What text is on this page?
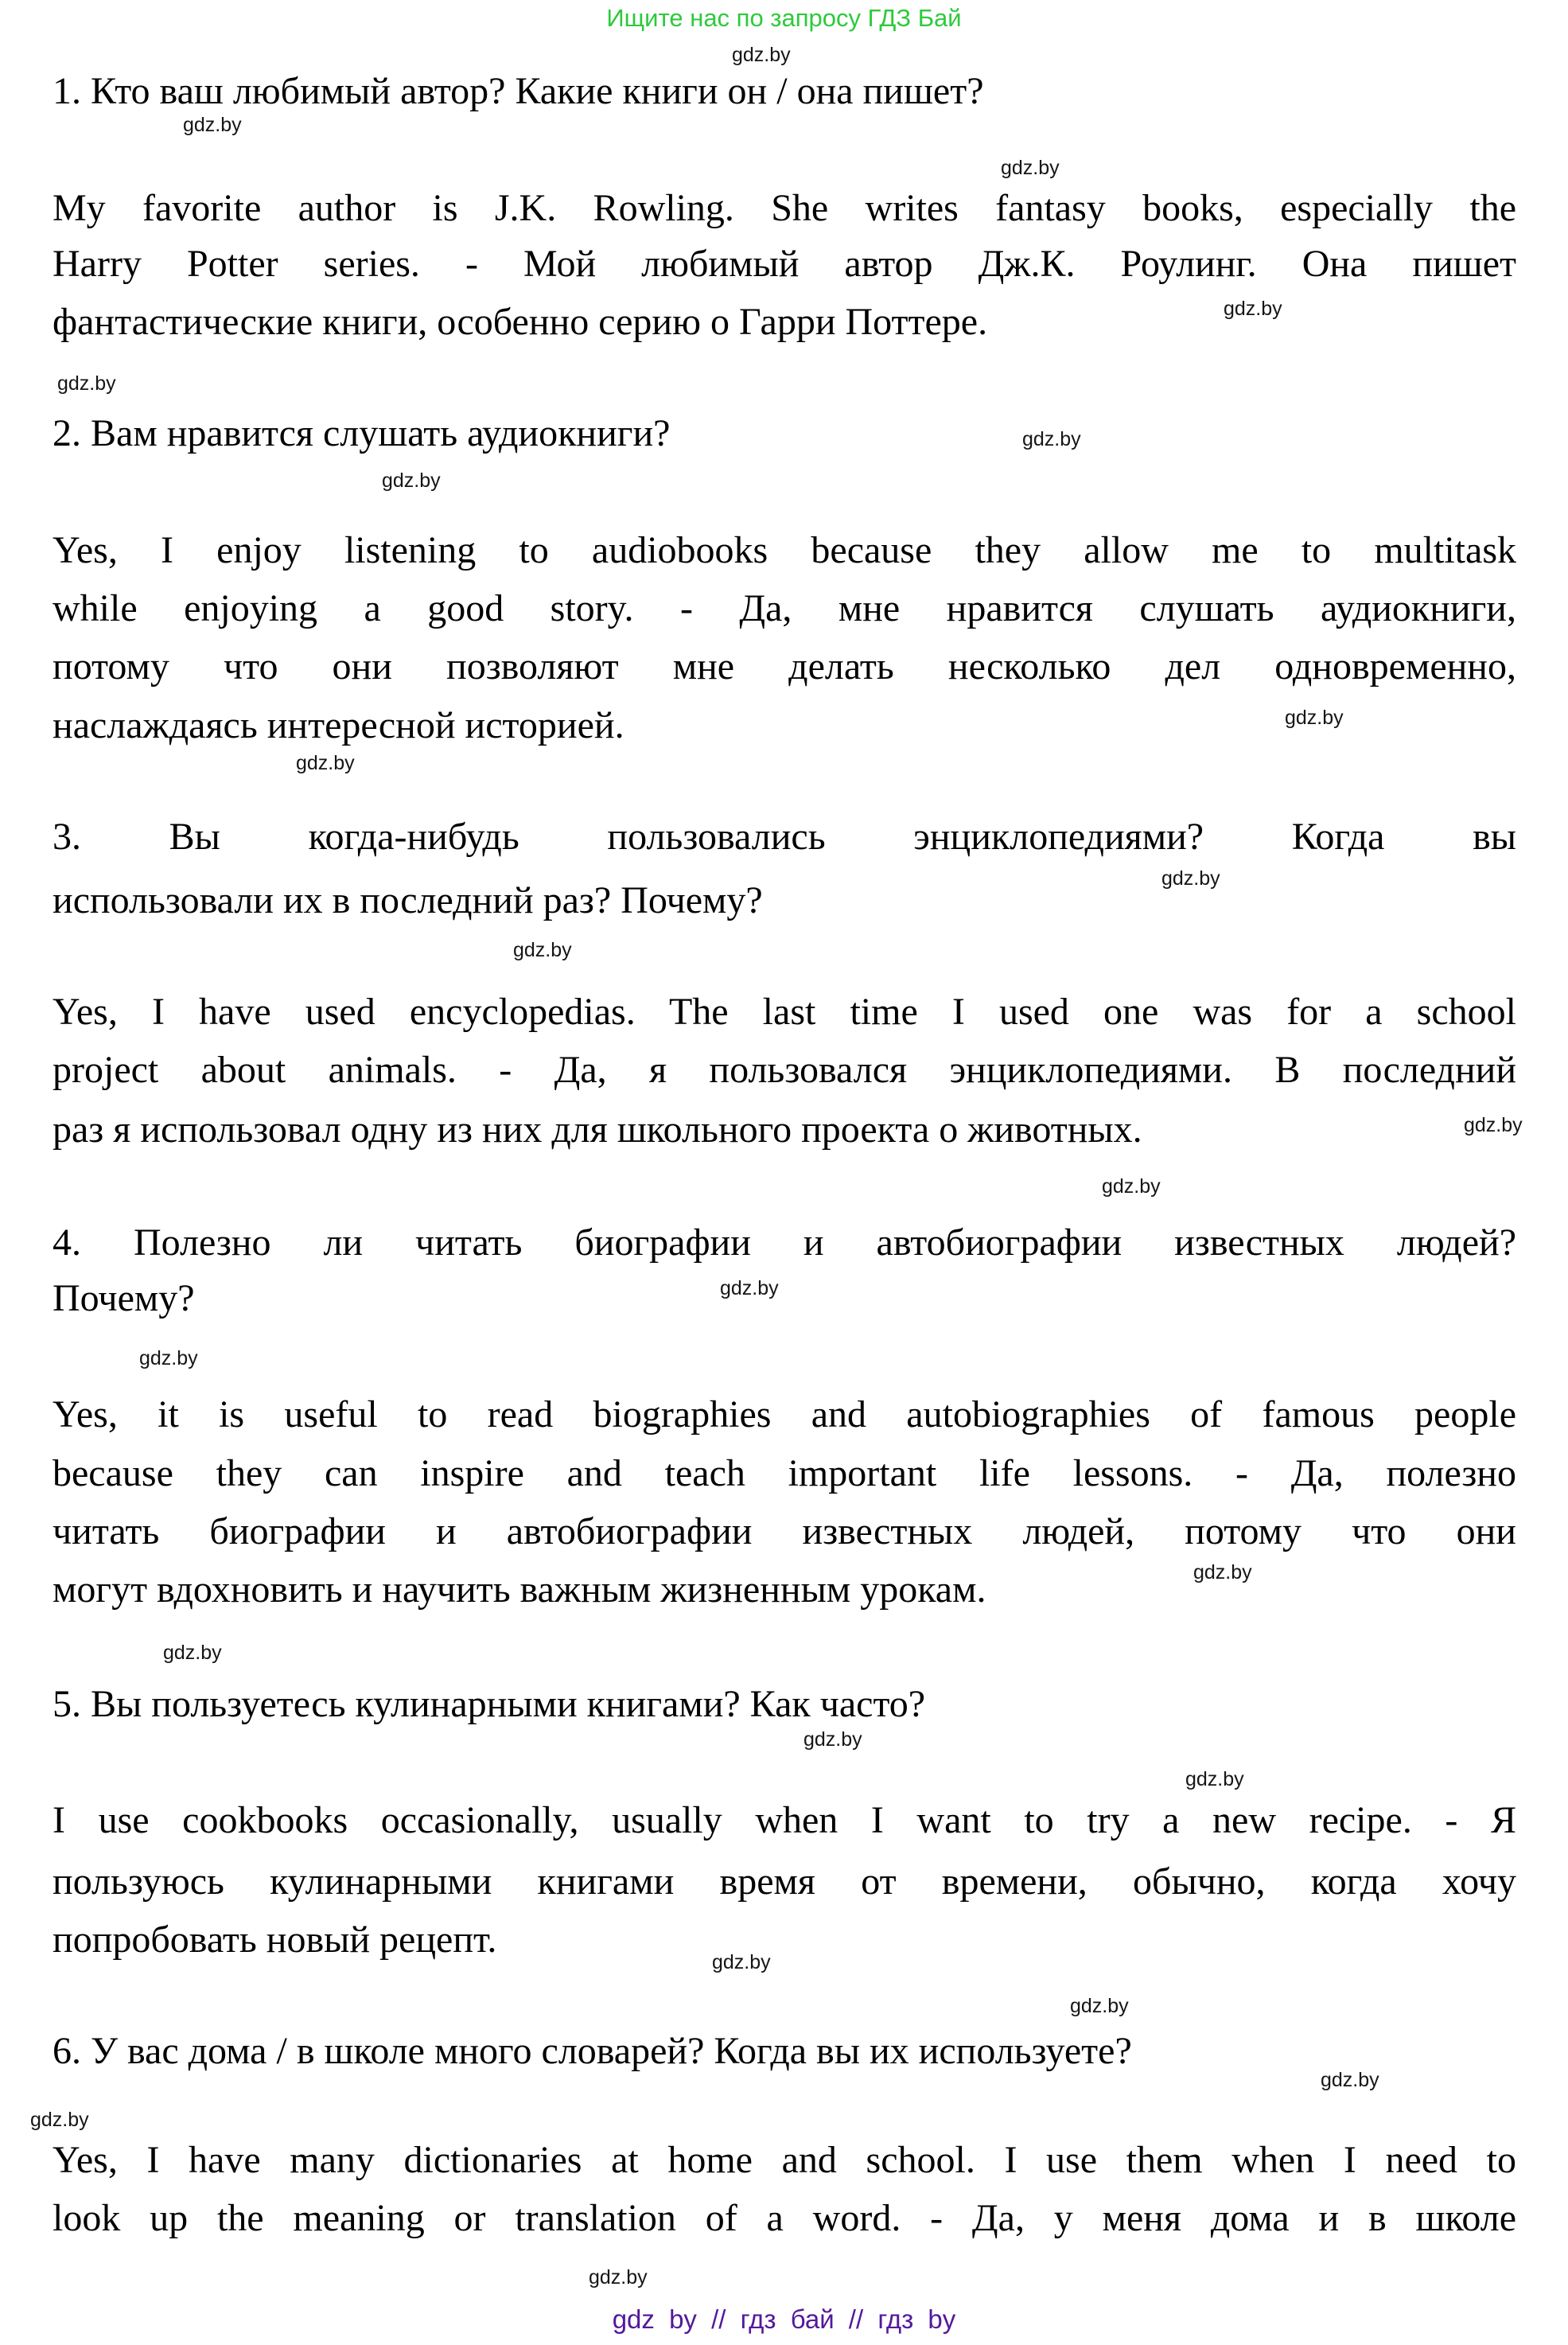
Ищите нас по запросу ГДЗ Бай
gdz.by
gdz.by
gdz.by
1. Кто ваш любимый автор? Какие книги он / она пишет?
My favorite author is J.K. Rowling. She writes fantasy books, especially the
Harry Potter series. - Мой любимый автор Дж.К. Роулинг. Она пишет
фантастические книги, особенно серию о Гарри Поттере.	gdz.by
gdz.by
2. Вам нравится слушать аудиокниги?	gdz.by
gdz.by
Yes, I enjoy listening to audiobooks because they allow me to multitask
while enjoying a good story. - Да, мне нравится слушать аудиокниги,
потому что они позволяют мне делать несколько дел одновременно,
наслаждаясь интересной историей.	gdz.by
gdz.by
3. Вы когда-нибудь пользовались энциклопедиями? Когда вы
использовали их в последний раз? Почему?
gdz.by
gdz.by
Yes, I have used encyclopedias. The last time I used one was for a school
project about animals. - Да, я пользовался энциклопедиями. В последний
раз я использовал одну из них для школьного проекта о животных.	gdz.by
gdz.by
4. Полезно ли читать биографии и автобиографии известных людей?
Почему?	gdz.by
gdz.by
Yes, it is useful to read biographies and autobiographies of famous people
because they can inspire and teach important life lessons. - Да, полезно
читать биографии и автобиографии известных людей, потому что они
могут вдохновить и научить важным жизненным урокам.	gdz.by
gdz.by
5. Вы пользуетесь кулинарными книгами? Как часто?
gdz.by
gdz.by
I use cookbooks occasionally, usually when I want to try a new recipe. - Я
пользуюсь кулинарными книгами время от времени, обычно, когда хочу
попробовать новый рецепт.
gdz.by
gdz.by
6. У вас дома / в школе много словарей? Когда вы их используете?
gdz.by
gdz.by
Yes, I have many dictionaries at home and school. I use them when I need to
look up the meaning or translation of a word. - Да, у меня дома и в школе
gdz.by
gdz by // гдз бай // гдз by
